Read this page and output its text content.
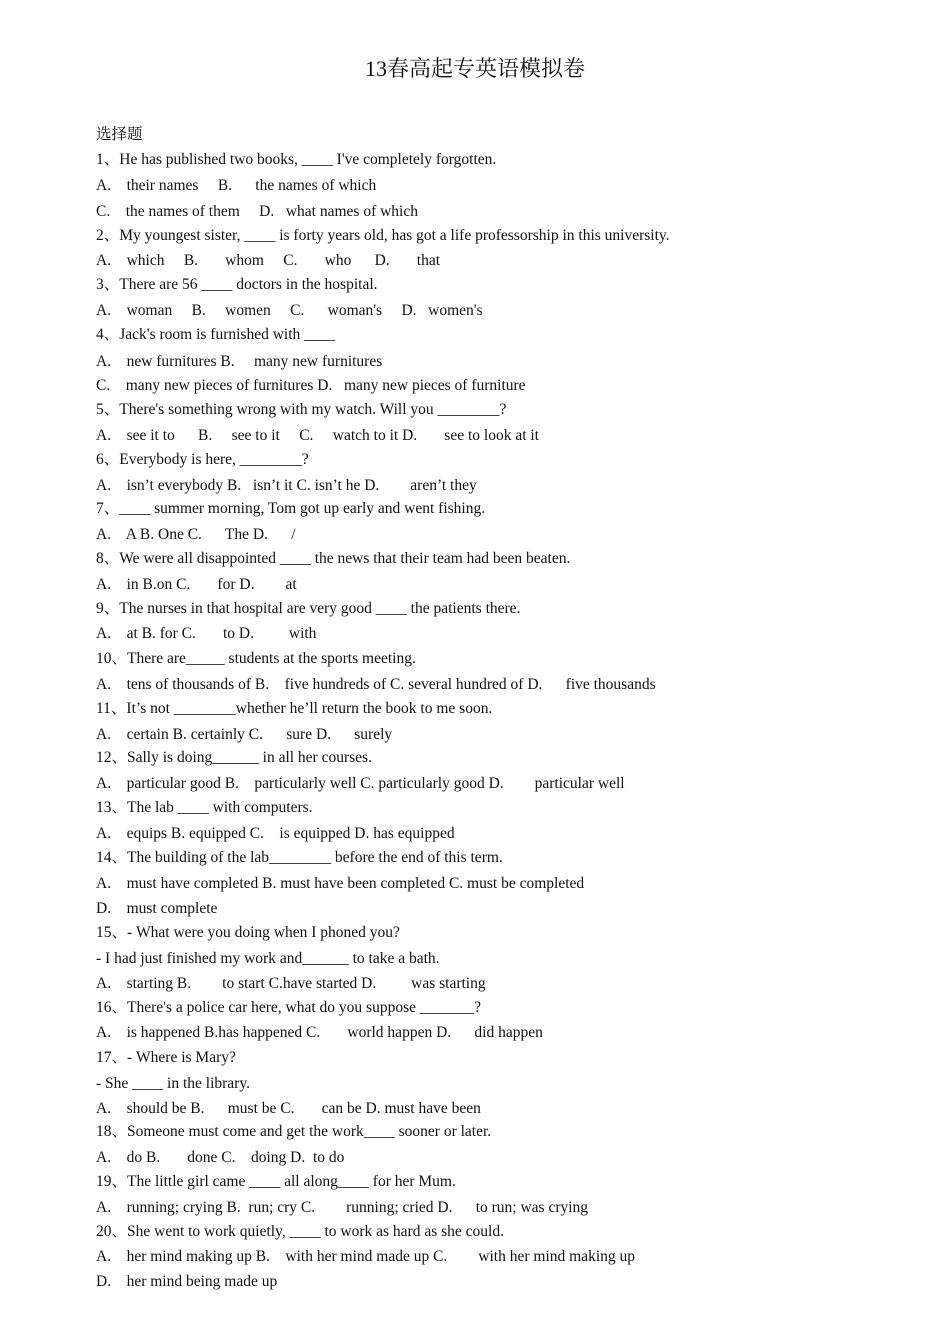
13春高起专英语模拟卷
选择题
1、He has published two books, ____ I've completely forgotten.
A.    their names     B.      the names of which
C.    the names of them     D.   what names of which
2、My youngest sister, ____ is forty years old, has got a life professorship in this university.
A.    which     B.       whom     C.       who      D.       that
3、There are 56 ____ doctors in the hospital.
A.    woman     B.     women     C.      woman's     D.   women's
4、Jack's room is furnished with ____
A.    new furnitures B.     many new furnitures
C.    many new pieces of furnitures D.   many new pieces of furniture
5、There's something wrong with my watch. Will you ________?
A.    see it to      B.     see to it     C.     watch to it D.       see to look at it
6、Everybody is here, ________?
A.    isn’t everybody B.   isn’t it C. isn’t he D.        aren’t they
7、____ summer morning, Tom got up early and went fishing.
A.    A B. One C.      The D.      /
8、We were all disappointed ____ the news that their team had been beaten.
A.    in B.on C.       for D.        at
9、The nurses in that hospital are very good ____ the patients there.
A.    at B. for C.       to D.         with
10、There are_____ students at the sports meeting.
A.    tens of thousands of B.    five hundreds of C. several hundred of D.      five thousands
11、It’s not ________whether he’ll return the book to me soon.
A.    certain B. certainly C.      sure D.      surely
12、Sally is doing______ in all her courses.
A.    particular good B.    particularly well C. particularly good D.        particular well
13、The lab ____ with computers.
A.    equips B. equipped C.    is equipped D. has equipped
14、The building of the lab________ before the end of this term.
A.    must have completed B. must have been completed C. must be completed
D.    must complete
15、- What were you doing when I phoned you?
- I had just finished my work and______ to take a bath.
A.    starting B.        to start C.have started D.         was starting
16、There's a police car here, what do you suppose _______?
A.    is happened B.has happened C.       world happen D.      did happen
17、- Where is Mary?
- She ____ in the library.
A.    should be B.      must be C.       can be D. must have been
18、Someone must come and get the work____ sooner or later.
A.    do B.       done C.    doing D.  to do
19、The little girl came ____ all along____ for her Mum.
A.    running; crying B.  run; cry C.        running; cried D.      to run; was crying
20、She went to work quietly, ____ to work as hard as she could.
A.    her mind making up B.    with her mind made up C.        with her mind making up
D.    her mind being made up
